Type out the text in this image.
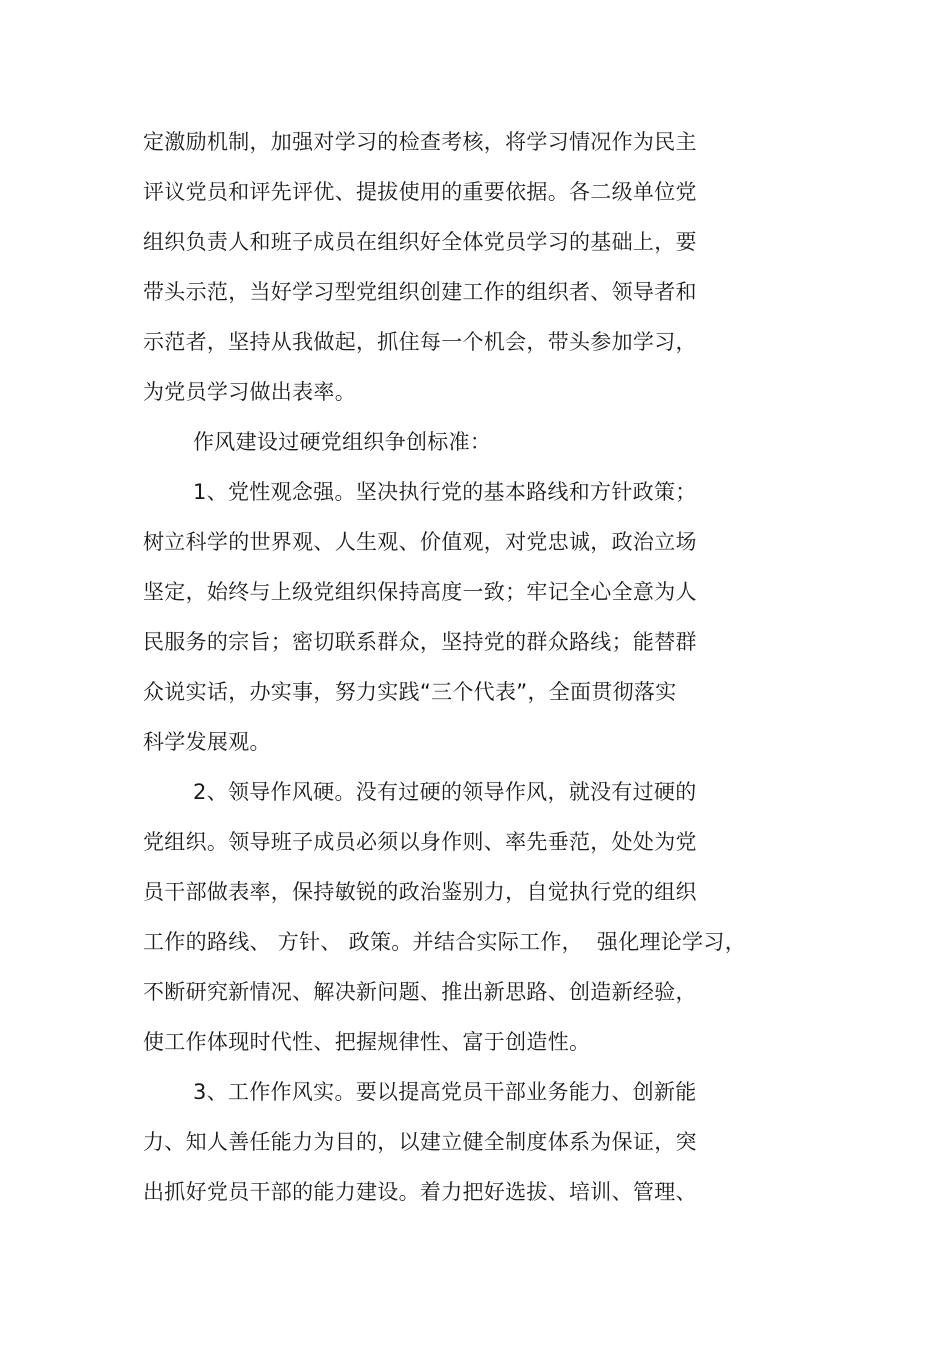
定激励机制，加强对学习的检查考核，将学习情况作为民主

评议党员和评先评优、提拔使用的重要依据。各二级单位党

组织负责人和班子成员在组织好全体党员学习的基础上，要

带头示范，当好学习型党组织创建工作的组织者、领导者和

示范者，坚持从我做起，抓住每一个机会，带头参加学习，

为党员学习做出表率。

作风建设过硬党组织争创标准：

1、党性观念强。坚决执行党的基本路线和方针政策；

树立科学的世界观、人生观、价值观，对党忠诚，政治立场

坚定，始终与上级党组织保持高度一致；牢记全心全意为人

民服务的宗旨；密切联系群众，坚持党的群众路线；能替群

众说实话，办实事，努力实践“三个代表”，全面贯彻落实

科学发展观。

2、领导作风硬。没有过硬的领导作风，就没有过硬的

党组织。领导班子成员必须以身作则、率先垂范，处处为党

员干部做表率，保持敏锐的政治鉴别力，自觉执行党的组织

工作的路线、 方针、 政策。并结合实际工作，  强化理论学习，

不断研究新情况、解决新问题、推出新思路、创造新经验，

使工作体现时代性、把握规律性、富于创造性。

3、工作作风实。要以提高党员干部业务能力、创新能

力、知人善任能力为目的，以建立健全制度体系为保证，突

出抓好党员干部的能力建设。着力把好选拔、培训、管理、
